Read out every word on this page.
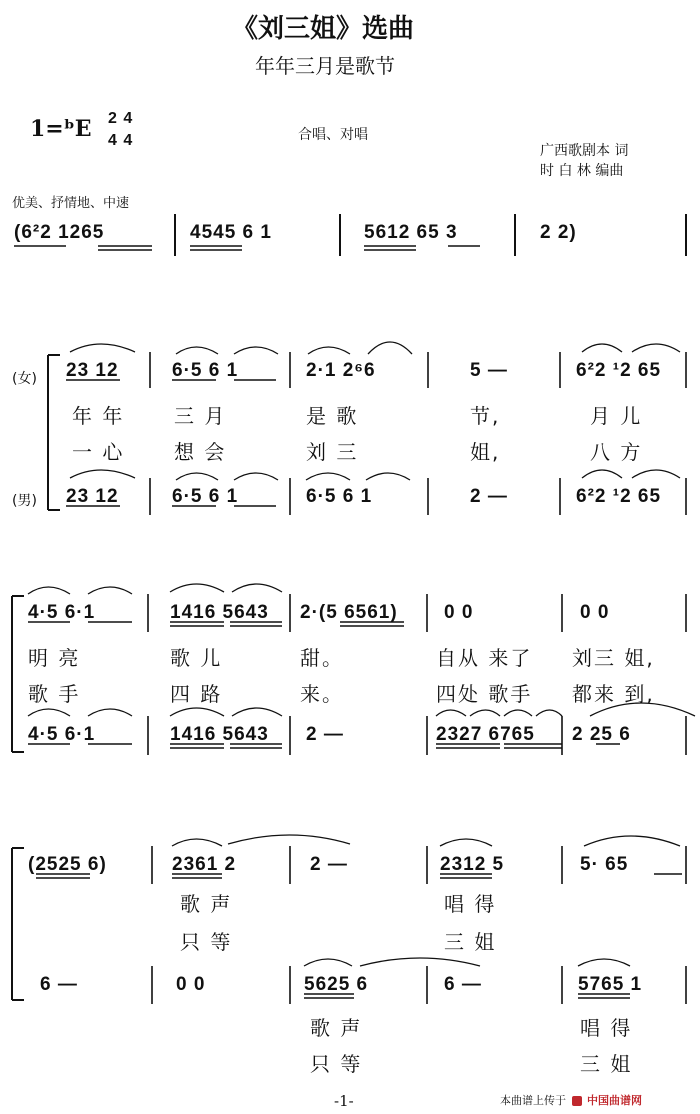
《刘三姐》选曲
年年三月是歌节
1=ᵇE 2 4
4 4	合唱、对唱
广西歌剧本 词
时 白 林 编曲
优美、抒情地、中速
(6²2 1265	4545 6 1	5612 65 3	2 2)
(女)
(男)
23 12	6·5 6 1	2·1 2⁶6	5 —	6²2 ¹2 65
年 年 三 月	是 歌	节,	月 儿
一 心 想 会	刘 三	姐,	八 方
23 12	6·5 6 1	6·5 6 1	2 —	6²2 ¹2 65
4·5 6·1	1416 5643 2·(5 6561) 0 0	0 0
明 亮	歌 儿	甜。	自从 来了 刘三 姐,
歌 手	四 路	来。	四处 歌手 都来 到,
4·5 6·1	1416 5643 2 —	2327 6765 2 25 6
(2525 6)	2361 2	2 —	2312 5	5· 65
歌 声	唱 得
只 等	三 姐
6 —	0 0	5625 6	6 —	5765 1
歌 声	唱 得
只 等	三 姐
-1-	本曲谱上传于 中国曲谱网
